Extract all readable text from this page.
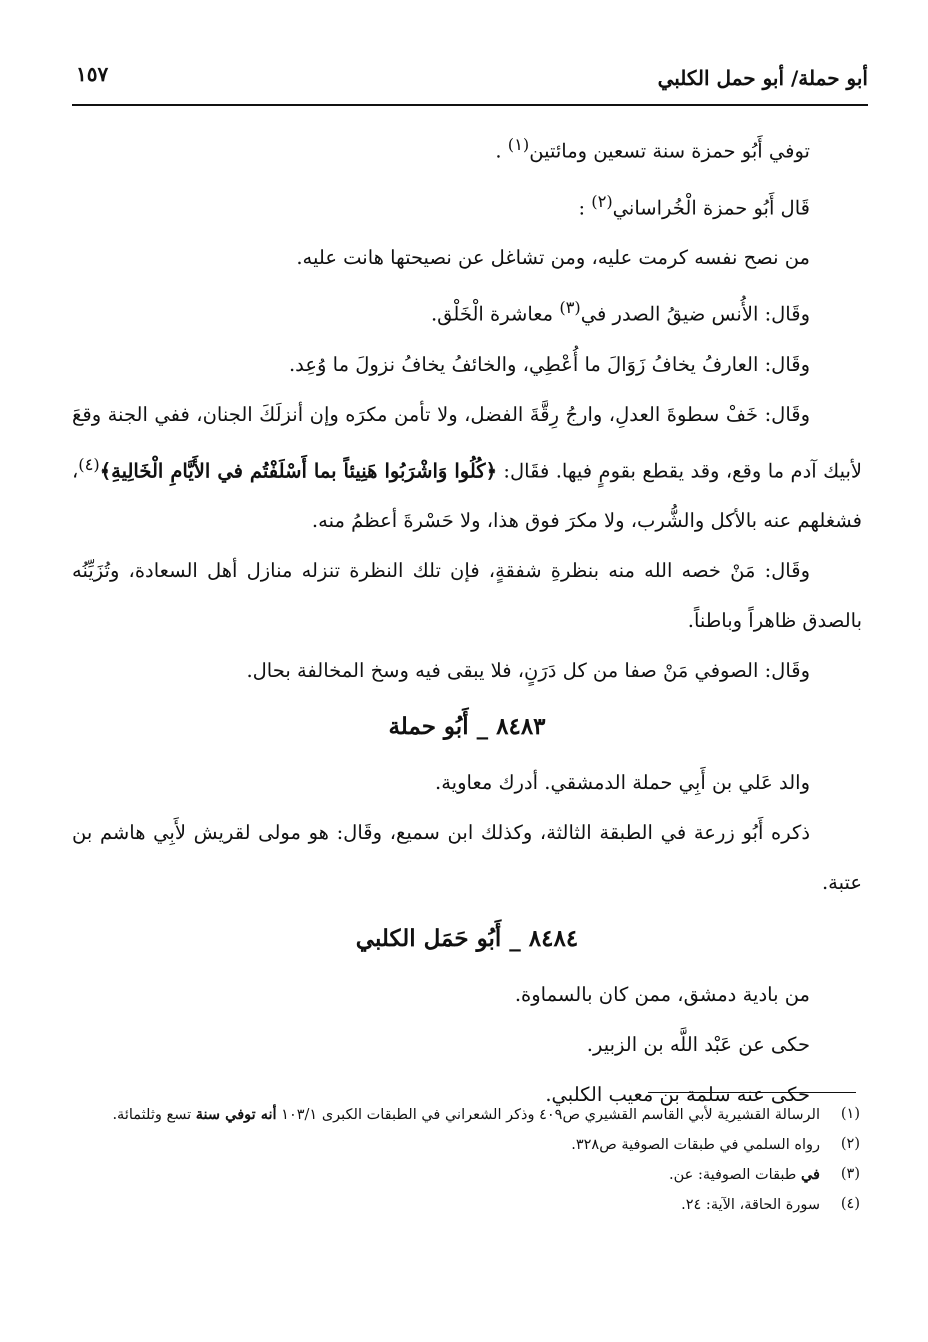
أبو حملة/ أبو حمل الكلبي
١٥٧

توفي أَبُو حمزة سنة تسعين ومائتين$^{(١)}$ .

قَال أَبُو حمزة الْخُراساني$^{(٢)}$ :

من نصح نفسه كرمت عليه، ومن تشاغل عن نصيحتها هانت عليه.

وقَال: الأُنس ضيقُ الصدر في$^{(٣)}$ معاشرة الْخَلْق.

وقَال: العارفُ يخافُ زَوَالَ ما أُعْطِي، والخائفُ يخافُ نزولَ ما وُعِد.

وقَال: خَفْ سطوةَ العدلِ، وارجُ رِقَّةَ الفضل، ولا تأمن مكرَه وإن أنزلَكَ الجنان، ففي الجنة وقعَ لأبيك آدم ما وقع، وقد يقطع بقومٍ فيها. فقَال: ﴿كُلُوا وَاشْرَبُوا هَنِيئاً بما أَسْلَفْتُم في الأَيَّامِ الْخَالِيةِ﴾$^{(٤)}$، فشغلهم عنه بالأكل والشُّرب، ولا مكرَ فوق هذا، ولا حَسْرةَ أعظمُ منه.

وقَال: مَنْ خصه الله منه بنظرةِ شفقةٍ، فإن تلك النظرة تنزله منازل أهل السعادة، وتُزَيِّنُه بالصدق ظاهراً وباطناً.

وقَال: الصوفي مَنْ صفا من كل دَرَنٍ، فلا يبقى فيه وسخ المخالفة بحال.

٨٤٨٣ _ أَبُو حملة

والد عَلي بن أَبِي حملة الدمشقي. أدرك معاوية.

ذكره أَبُو زرعة في الطبقة الثالثة، وكذلك ابن سميع، وقَال: هو مولى لقريش لأَبِي هاشم بن عتبة.

٨٤٨٤ _ أَبُو حَمَل الكلبي

من بادية دمشق، ممن كان بالسماوة.

حكى عن عَبْد اللَّه بن الزبير.

حكى عنه سلمة بن معيب الكلبي.

(١)
الرسالة القشيرية لأبي القاسم القشيري ص٤٠٩ وذكر الشعراني في الطبقات الكبرى ١٠٣/١ أنه توفي سنة تسع وثلثمائة.
(٢)
رواه السلمي في طبقات الصوفية ص٣٢٨.
(٣)
في طبقات الصوفية: عن.
(٤)
سورة الحاقة، الآية: ٢٤.
